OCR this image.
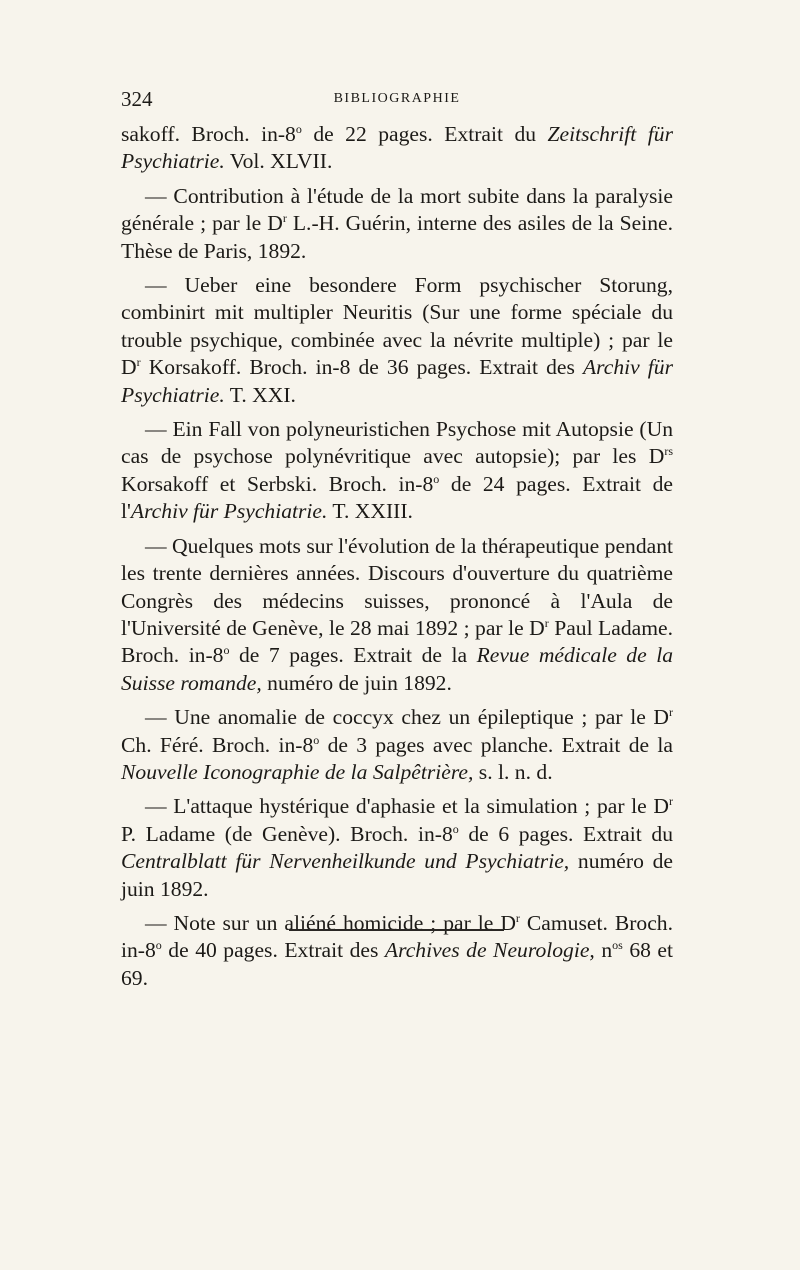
324	BIBLIOGRAPHIE

sakoff. Broch. in-8$^o$ de 22 pages. Extrait du Zeitschrift für Psychiatrie. Vol. XLVII.

— Contribution à l'étude de la mort subite dans la paralysie générale ; par le $D^r$ L.-H. Guérin, interne des asiles de la Seine. Thèse de Paris, 1892.

— Ueber eine besondere Form psychischer Storung, combinirt mit multipler Neuritis (Sur une forme spéciale du trouble psychique, combinée avec la névrite multiple) ; par le $D^r$ Korsakoff. Broch. in-8 de 36 pages. Extrait des Archiv für Psychiatrie. T. XXI.

— Ein Fall von polyneuristichen Psychose mit Autopsie (Un cas de psychose polynévritique avec autopsie); par les $D^{rs}$ Korsakoff et Serbski. Broch. in-8$^o$ de 24 pages. Extrait de l'Archiv für Psychiatrie. T. XXIII.

— Quelques mots sur l'évolution de la thérapeutique pendant les trente dernières années. Discours d'ouverture du quatrième Congrès des médecins suisses, prononcé à l'Aula de l'Université de Genève, le 28 mai 1892 ; par le $D^r$ Paul Ladame. Broch. in-8$^o$ de 7 pages. Extrait de la Revue médicale de la Suisse romande, numéro de juin 1892.

— Une anomalie de coccyx chez un épileptique ; par le $D^r$ Ch. Féré. Broch. in-8$^o$ de 3 pages avec planche. Extrait de la Nouvelle Iconographie de la Salpêtrière, s. l. n. d.

— L'attaque hystérique d'aphasie et la simulation ; par le $D^r$ P. Ladame (de Genève). Broch. in-8$^o$ de 6 pages. Extrait du Centralblatt für Nervenheilkunde und Psychiatrie, numéro de juin 1892.

— Note sur un aliéné homicide ; par le $D^r$ Camuset. Broch. in-8$^o$ de 40 pages. Extrait des Archives de Neurologie, $n^{os}$ 68 et 69.
